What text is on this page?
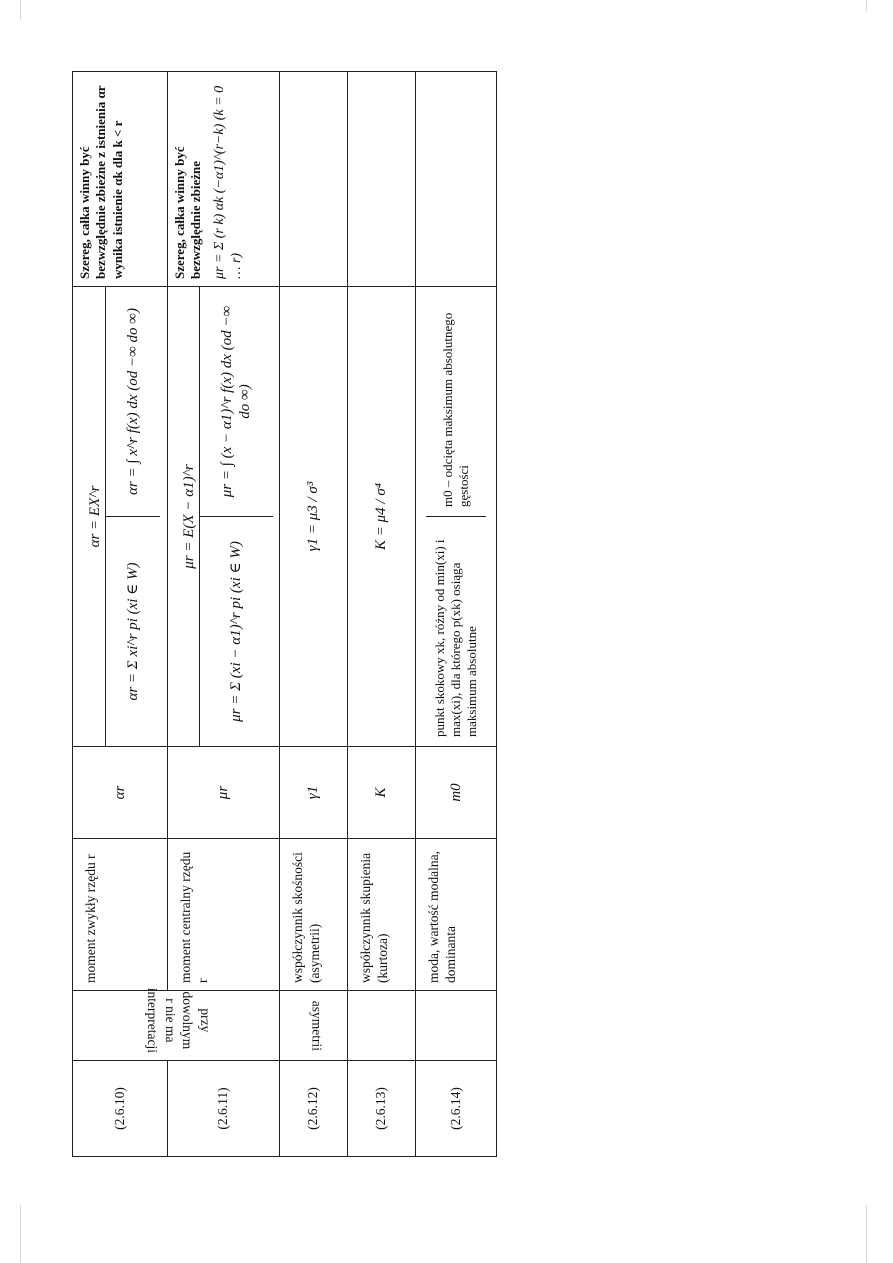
(2.6.10)	przy dowolnym r nie ma interpretacji	moment zwykły rzędu r	αr	
αr = EX^r
αr = Σ xi^r pi (xi ∈ W)	αr = ∫ x^r f(x) dx (od −∞ do ∞)
	Szereg, całka winny być bezwzględnie zbieżne z istnienia αr wynika istnienie αk dla k < r
(2.6.11)	moment centralny rzędu r	μr	
μr = E(X − α1)^r
μr = Σ (xi − α1)^r pi (xi ∈ W)	μr = ∫ (x − α1)^r f(x) dx (od −∞ do ∞)
	Szereg, całka winny być bezwzględnie zbieżne μr = Σ (r k) αk (−α1)^(r−k) (k = 0 … r)

(2.6.12)	asymetrii	współczynnik skośności (asymetrii)	γ1	
γ1 = μ3 / σ³

(2.6.13)		współczynnik skupienia (kurtoza)	K	
K = μ4 / σ⁴

(2.6.14)		moda, wartość modalna, dominanta	m0	
punkt skokowy xk, różny od min(xi) i max(xi), dla którego p(xk) osiąga maksimum absolutne	m0 – odcięta maksimum absolutnego gęstości
